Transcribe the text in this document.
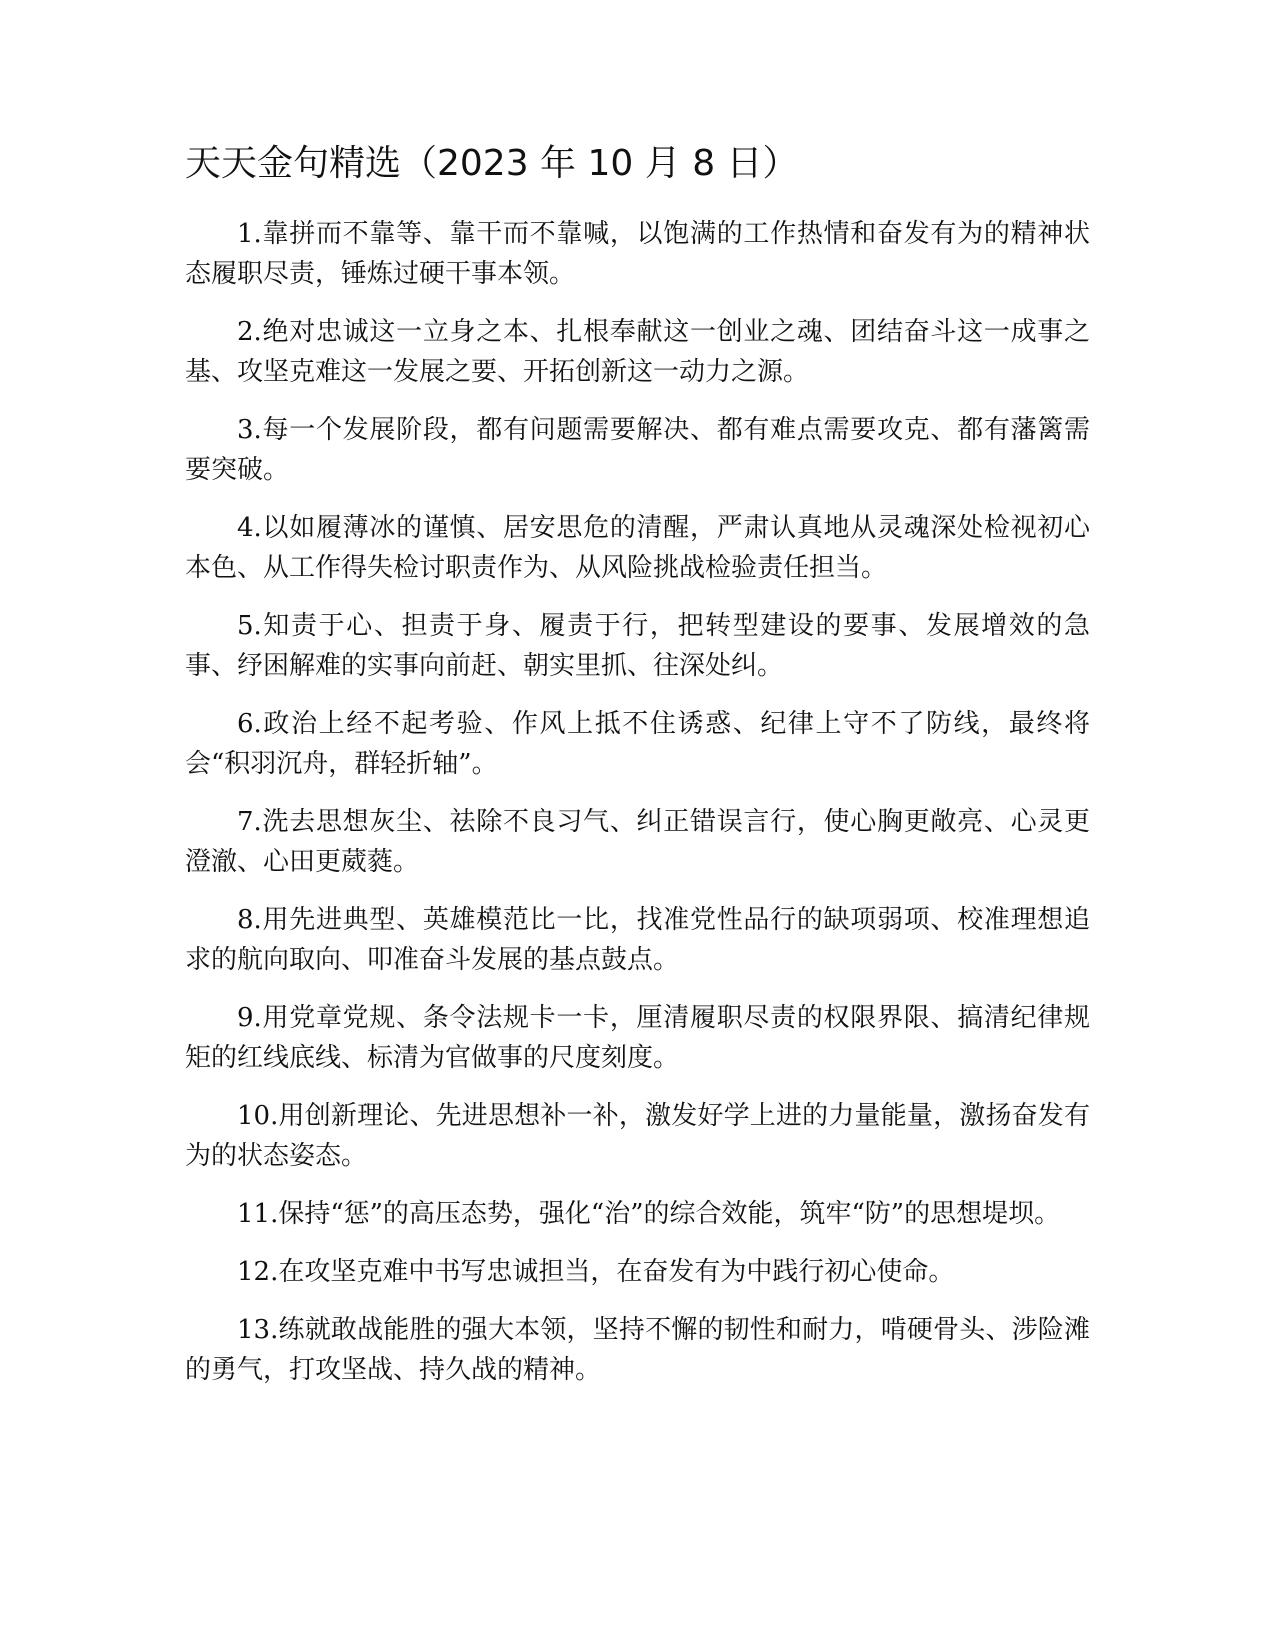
天天金句精选（2023 年 10 月 8 日）

1.靠拼而不靠等、靠干而不靠喊，以饱满的工作热情和奋发有为的精神状态履职尽责，锤炼过硬干事本领。

2.绝对忠诚这一立身之本、扎根奉献这一创业之魂、团结奋斗这一成事之基、攻坚克难这一发展之要、开拓创新这一动力之源。

3.每一个发展阶段，都有问题需要解决、都有难点需要攻克、都有藩篱需要突破。

4.以如履薄冰的谨慎、居安思危的清醒，严肃认真地从灵魂深处检视初心本色、从工作得失检讨职责作为、从风险挑战检验责任担当。

5.知责于心、担责于身、履责于行，把转型建设的要事、发展增效的急事、纾困解难的实事向前赶、朝实里抓、往深处纠。

6.政治上经不起考验、作风上抵不住诱惑、纪律上守不了防线，最终将会“积羽沉舟，群轻折轴”。

7.洗去思想灰尘、祛除不良习气、纠正错误言行，使心胸更敞亮、心灵更澄澈、心田更葳蕤。

8.用先进典型、英雄模范比一比，找准党性品行的缺项弱项、校准理想追求的航向取向、叩准奋斗发展的基点鼓点。

9.用党章党规、条令法规卡一卡，厘清履职尽责的权限界限、搞清纪律规矩的红线底线、标清为官做事的尺度刻度。

10.用创新理论、先进思想补一补，激发好学上进的力量能量，激扬奋发有为的状态姿态。

11.保持“惩”的高压态势，强化“治”的综合效能，筑牢“防”的思想堤坝。

12.在攻坚克难中书写忠诚担当，在奋发有为中践行初心使命。

13.练就敢战能胜的强大本领，坚持不懈的韧性和耐力，啃硬骨头、涉险滩的勇气，打攻坚战、持久战的精神。
